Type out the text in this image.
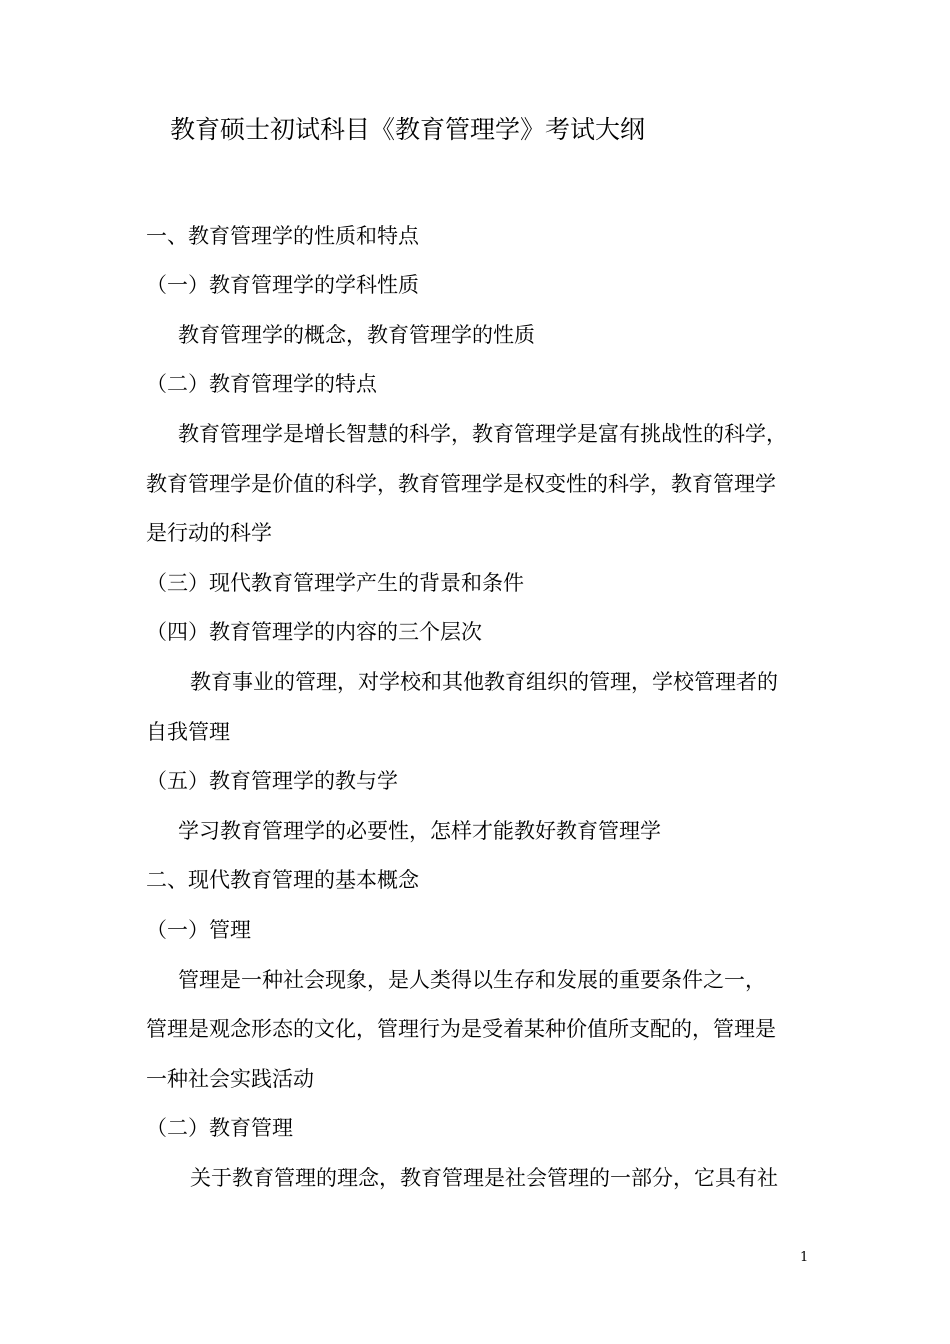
教育硕士初试科目《教育管理学》考试大纲
一、教育管理学的性质和特点
（一）教育管理学的学科性质
教育管理学的概念，教育管理学的性质
（二）教育管理学的特点
教育管理学是增长智慧的科学，教育管理学是富有挑战性的科学，
教育管理学是价值的科学，教育管理学是权变性的科学，教育管理学
是行动的科学
（三）现代教育管理学产生的背景和条件
（四）教育管理学的内容的三个层次
教育事业的管理，对学校和其他教育组织的管理，学校管理者的
自我管理
（五）教育管理学的教与学
学习教育管理学的必要性，怎样才能教好教育管理学
二、现代教育管理的基本概念
（一）管理
管理是一种社会现象，是人类得以生存和发展的重要条件之一，
管理是观念形态的文化，管理行为是受着某种价值所支配的，管理是
一种社会实践活动
（二）教育管理
关于教育管理的理念，教育管理是社会管理的一部分，它具有社
1
